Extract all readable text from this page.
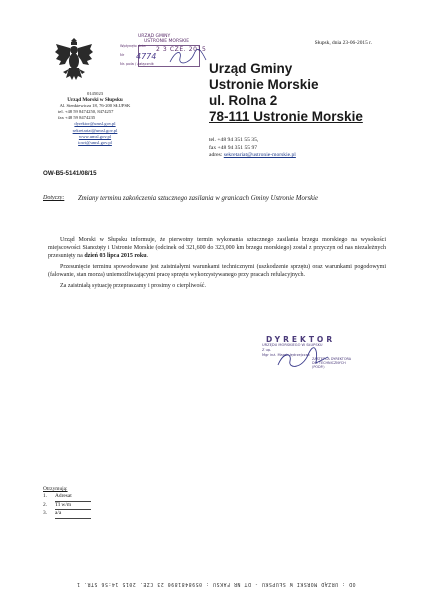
0145023
Urząd Morski w Słupsku
Al. Sienkiewicza 18, 76-200 SŁUPSK
tel. +48 59 8474250, 8474257
fax +48 59 8474235
dyrektor@umsl.gov.pl
sekretariat@umsl.gov.pl
www.umsl.gov.pl
iowi@umsl.gov.pl
URZĄD GMINY
USTRONIE MORSKIE
Wpłynęło dnia 2 3 CZE. 2015
Nr 4774
Nr. pola / załącznik
Słupsk, dnia 23-06-2015 r.
Urząd Gminy
Ustronie Morskie
ul. Rolna 2
78-111 Ustronie Morskie
tel. +48 94 351 55 35,
fax +48 94 351 55 97
adres: sekretariat@ustronie-morskie.pl
OW-B5-5141/08/15
Dotyczy: Zmiany terminu zakończenia sztucznego zasilania w granicach Gminy Ustronie Morskie

Urząd Morski w Słupsku informuje, że pierwotny termin wykonania sztucznego zasilania brzegu morskiego na wysokości miejscowości Sianożęty i Ustronie Morskie (odcinek od 321,600 do 323,000 km brzegu morskiego) został z przyczyn od nas niezależnych przesunięty na dzień 03 lipca 2015 roku.

Przesunięcie terminu spowodowane jest zaistniałymi warunkami technicznymi (uszkodzenie sprzętu) oraz warunkami pogodowymi (falowanie, stan morza) uniemożliwiającymi pracę sprzętu wykorzystywanego przy pracach refulacyjnych.

Za zaistniałą sytuację przepraszamy i prosimy o cierpliwość.

DYREKTOR
URZĘDU MORSKIEGO W SŁUPSKU
Z up.
Mgr inż. Marek Jędrzejczak
ZASTĘPCA DYREKTORA
DS. TECHNICZNYCH
(PODP.)
Otrzymują:
1.	Adresat
2.	TI w/m
3.	a/a
OD : URZĄD MORSKI W SŁUPSKU - DT NR FAKSU : 0598481890 23 CZE. 2015 14:56 STR. 1
